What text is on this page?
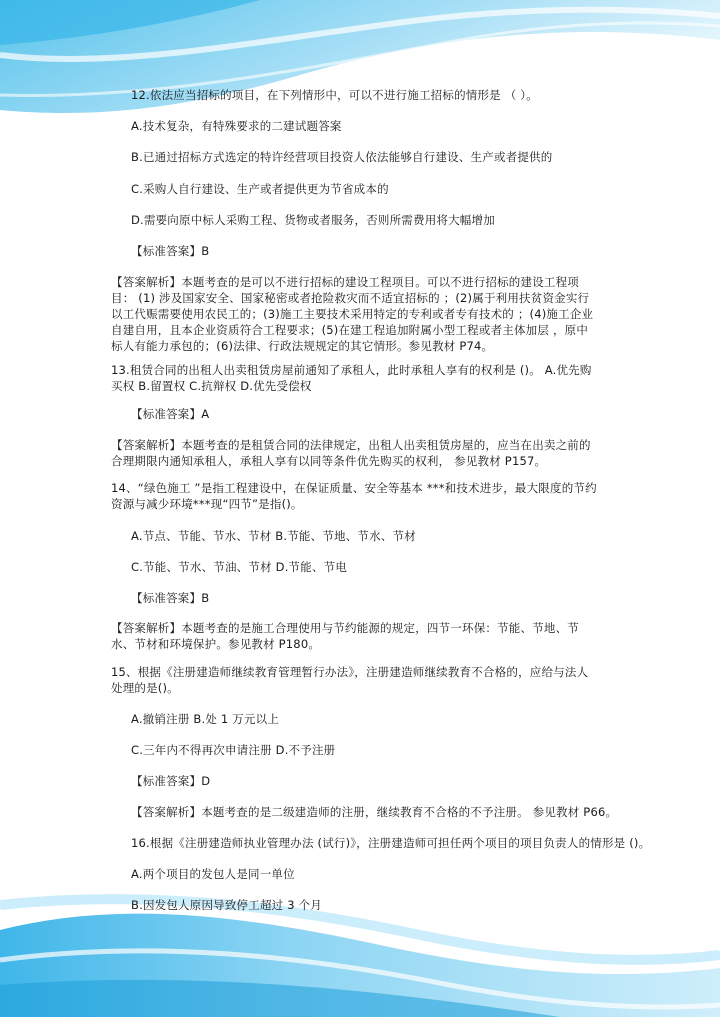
12.依法应当招标的项目，在下列情形中，可以不进行施工招标的情形是 （ ）。

A.技术复杂，有特殊要求的二建试题答案

B.已通过招标方式选定的特许经营项目投资人依法能够自行建设、生产或者提供的

C.采购人自行建设、生产或者提供更为节省成本的

D.需要向原中标人采购工程、货物或者服务，否则所需费用将大幅增加

【标准答案】B

【答案解析】本题考查的是可以不进行招标的建设工程项目。可以不进行招标的建设工程项目： (1) 涉及国家安全、国家秘密或者抢险救灾而不适宜招标的 ；(2)属于利用扶贫资金实行以工代赈需要使用农民工的；(3)施工主要技术采用特定的专利或者专有技术的 ；(4)施工企业自建自用，且本企业资质符合工程要求；(5)在建工程追加附属小型工程或者主体加层 ，原中标人有能力承包的；(6)法律、行政法规规定的其它情形。参见教材 P74。

13.租赁合同的出租人出卖租赁房屋前通知了承租人，此时承租人享有的权利是 ()。 A.优先购买权 B.留置权 C.抗辩权 D.优先受偿权

【标准答案】A

【答案解析】本题考查的是租赁合同的法律规定，出租人出卖租赁房屋的，应当在出卖之前的合理期限内通知承租人，承租人享有以同等条件优先购买的权利， 参见教材 P157。

14、“绿色施工 ”是指工程建设中，在保证质量、安全等基本 ***和技术进步，最大限度的节约资源与减少环境***现“四节”是指()。

A.节点、节能、节水、节材 B.节能、节地、节水、节材

C.节能、节水、节油、节材 D.节能、节电

【标准答案】B

【答案解析】本题考查的是施工合理使用与节约能源的规定，四节一环保：节能、节地、节水、节材和环境保护。参见教材 P180。

15、根据《注册建造师继续教育管理暂行办法》，注册建造师继续教育不合格的，应给与法人处理的是()。

A.撤销注册 B.处 1 万元以上

C.三年内不得再次申请注册 D.不予注册

【标准答案】D

【答案解析】本题考查的是二级建造师的注册，继续教育不合格的不予注册。 参见教材 P66。

16.根据《注册建造师执业管理办法 (试行)》，注册建造师可担任两个项目的项目负责人的情形是 ()。

A.两个项目的发包人是同一单位

B.因发包人原因导致停工超过 3 个月
